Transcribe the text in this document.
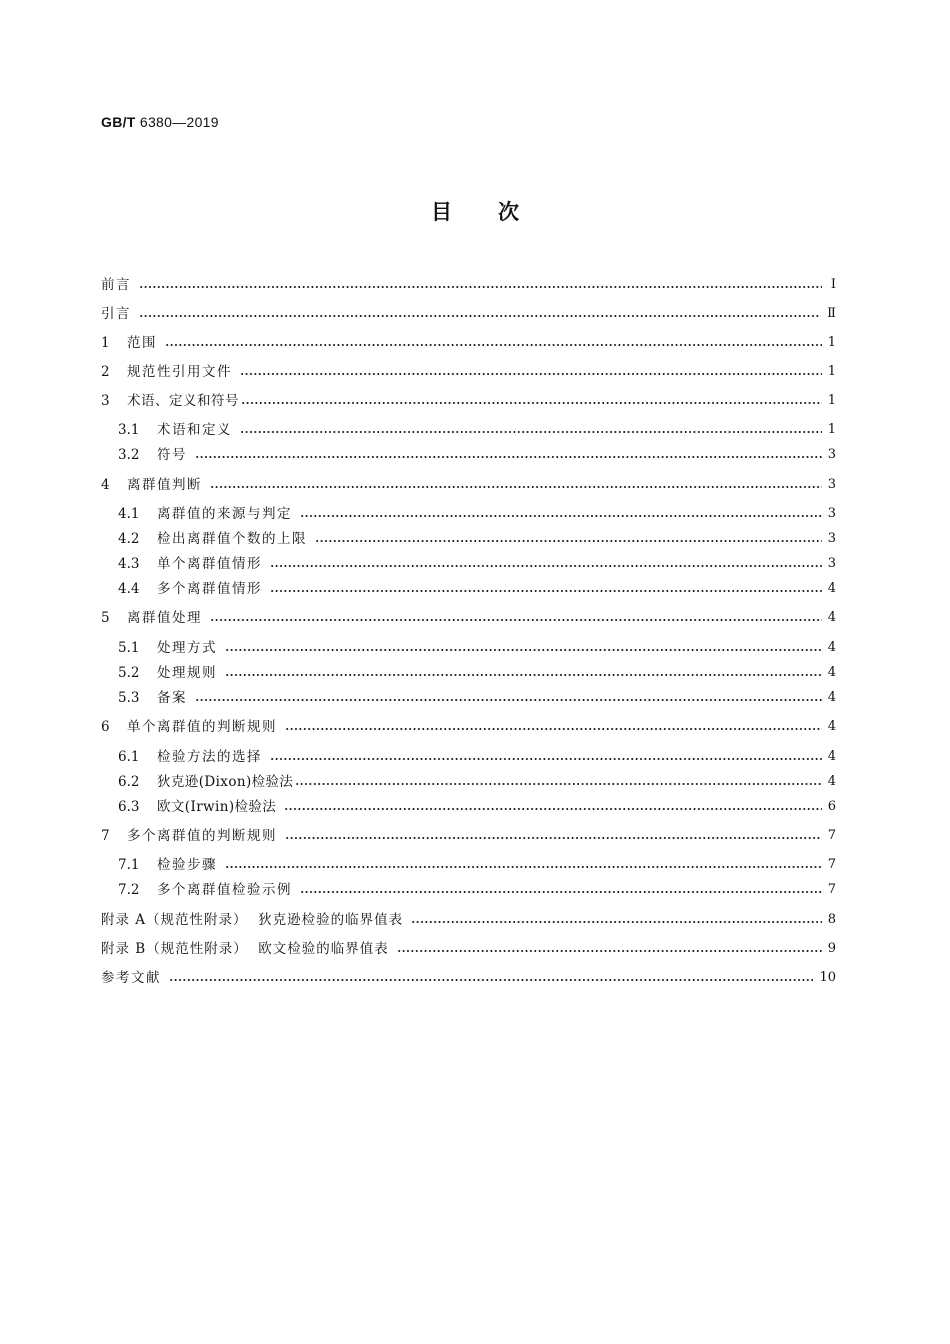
GB/T 6380—2019
目次
前言	Ⅰ
引言	Ⅱ
1	范围	1
2	规范性引用文件	1
3	术语、定义和符号	1
3.1	术语和定义	1
3.2	符号	3
4	离群值判断	3
4.1	离群值的来源与判定	3
4.2	检出离群值个数的上限	3
4.3	单个离群值情形	3
4.4	多个离群值情形	4
5	离群值处理	4
5.1	处理方式	4
5.2	处理规则	4
5.3	备案	4
6	单个离群值的判断规则	4
6.1	检验方法的选择	4
6.2	狄克逊(Dixon)检验法	4
6.3	欧文(Irwin)检验法	6
7	多个离群值的判断规则	7
7.1	检验步骤	7
7.2	多个离群值检验示例	7
附录 A（规范性附录）  狄克逊检验的临界值表	8
附录 B（规范性附录）  欧文检验的临界值表	9
参考文献	10
